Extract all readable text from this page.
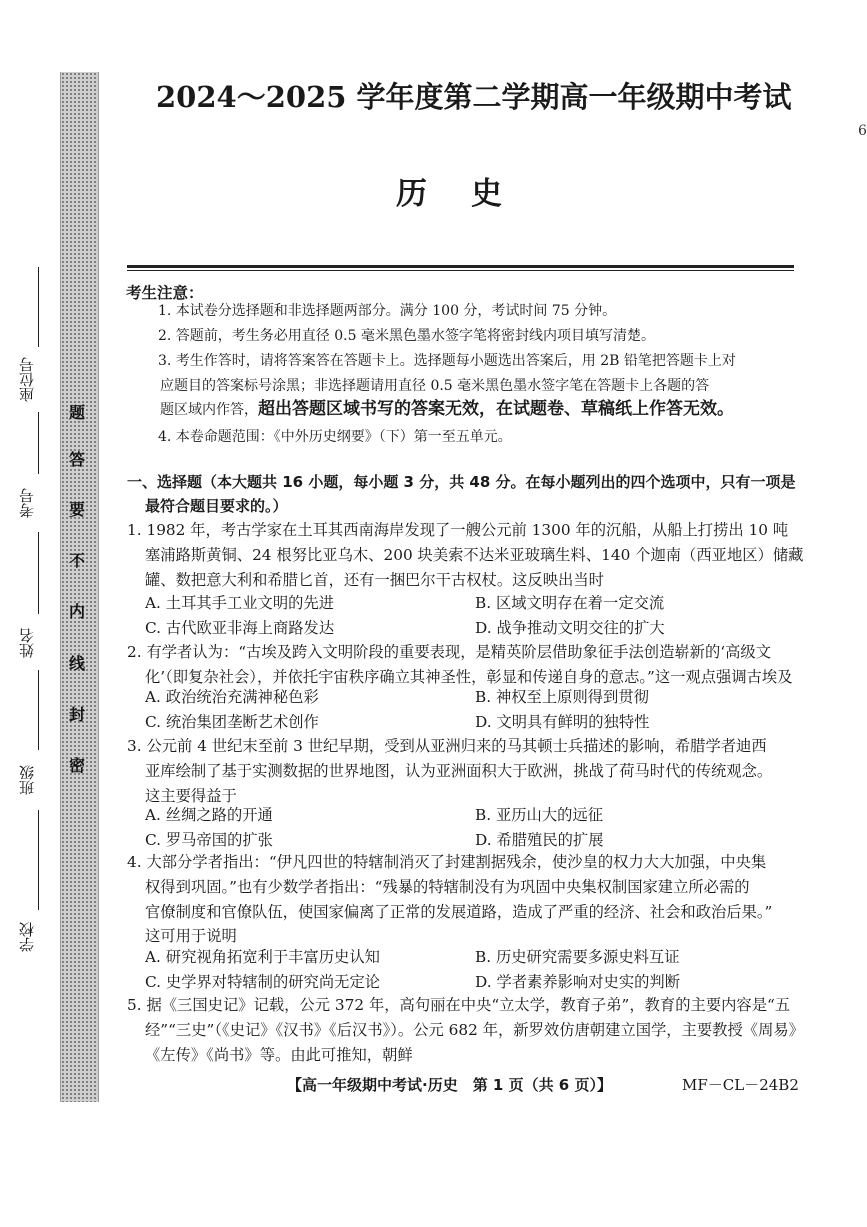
6
题
答
要
不
内
线
封
密
座位号
考号
姓名
班级
学校
2024～2025 学年度第二学期高一年级期中考试
历史
考生注意：
1. 本试卷分选择题和非选择题两部分。满分 100 分，考试时间 75 分钟。
2. 答题前，考生务必用直径 0.5 毫米黑色墨水签字笔将密封线内项目填写清楚。
3. 考生作答时，请将答案答在答题卡上。选择题每小题选出答案后，用 2B 铅笔把答题卡上对
应题目的答案标号涂黑；非选择题请用直径 0.5 毫米黑色墨水签字笔在答题卡上各题的答
题区域内作答，超出答题区域书写的答案无效，在试题卷、草稿纸上作答无效。
4. 本卷命题范围：《中外历史纲要》（下）第一至五单元。
一、选择题（本大题共 16 小题，每小题 3 分，共 48 分。在每小题列出的四个选项中，只有一项是
最符合题目要求的。）
1. 1982 年，考古学家在土耳其西南海岸发现了一艘公元前 1300 年的沉船，从船上打捞出 10 吨
塞浦路斯黄铜、24 根努比亚乌木、200 块美索不达米亚玻璃生料、140 个迦南（西亚地区）储藏
罐、数把意大利和希腊匕首，还有一捆巴尔干古权杖。这反映出当时
A. 土耳其手工业文明的先进	B. 区域文明存在着一定交流
C. 古代欧亚非海上商路发达	D. 战争推动文明交往的扩大
2. 有学者认为：“古埃及跨入文明阶段的重要表现，是精英阶层借助象征手法创造崭新的‘高级文
化’（即复杂社会），并依托宇宙秩序确立其神圣性，彰显和传递自身的意志。”这一观点强调古埃及
A. 政治统治充满神秘色彩	B. 神权至上原则得到贯彻
C. 统治集团垄断艺术创作	D. 文明具有鲜明的独特性
3. 公元前 4 世纪末至前 3 世纪早期，受到从亚洲归来的马其顿士兵描述的影响，希腊学者迪西
亚库绘制了基于实测数据的世界地图，认为亚洲面积大于欧洲，挑战了荷马时代的传统观念。
这主要得益于
A. 丝绸之路的开通	B. 亚历山大的远征
C. 罗马帝国的扩张	D. 希腊殖民的扩展
4. 大部分学者指出：“伊凡四世的特辖制消灭了封建割据残余，使沙皇的权力大大加强，中央集
权得到巩固。”也有少数学者指出：“残暴的特辖制没有为巩固中央集权制国家建立所必需的
官僚制度和官僚队伍，使国家偏离了正常的发展道路，造成了严重的经济、社会和政治后果。”
这可用于说明
A. 研究视角拓宽利于丰富历史认知	B. 历史研究需要多源史料互证
C. 史学界对特辖制的研究尚无定论	D. 学者素养影响对史实的判断
5. 据《三国史记》记载，公元 372 年，高句丽在中央“立太学，教育子弟”，教育的主要内容是“五
经”“三史”（《史记》《汉书》《后汉书》）。公元 682 年，新罗效仿唐朝建立国学，主要教授《周易》
《左传》《尚书》等。由此可推知，朝鲜
【高一年级期中考试·历史　第 1 页（共 6 页）】	MF－CL－24B2
